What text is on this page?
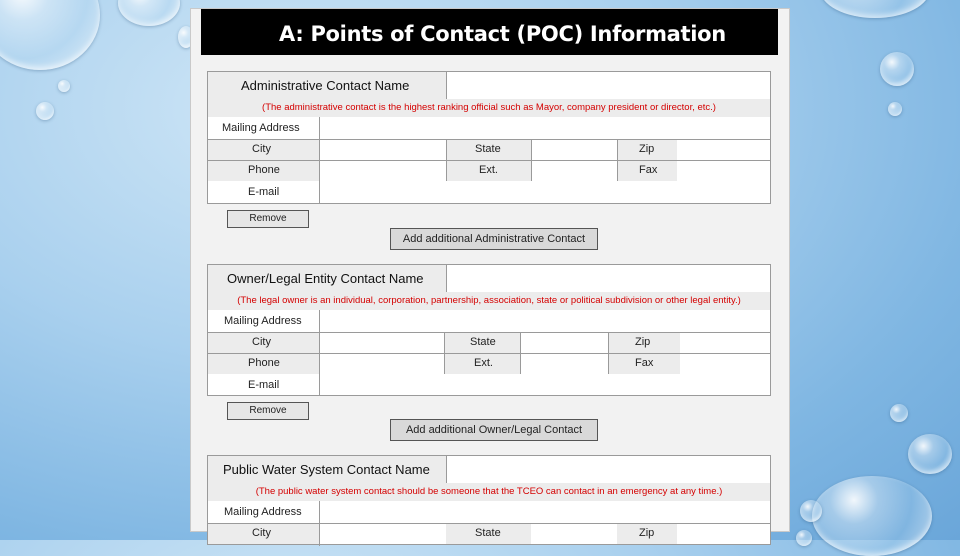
A: Points of Contact (POC) Information
Administrative Contact Name
(The administrative contact is the highest ranking official such as Mayor, company president or director, etc.)
Mailing Address
City	State	Zip
Phone	Ext.	Fax
E-mail
Remove
Add additional Administrative Contact
Owner/Legal Entity Contact Name
(The legal owner is an individual, corporation, partnership, association, state or political subdivision or other legal entity.)
Mailing Address
City	State	Zip
Phone	Ext.	Fax
E-mail
Remove
Add additional Owner/Legal Contact
Public Water System Contact Name
(The public water system contact should be someone that the TCEO can contact in an emergency at any time.)
Mailing Address
City	State	Zip
